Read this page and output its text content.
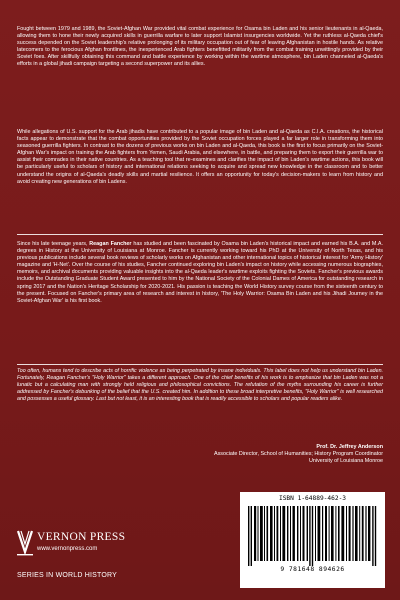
Fought between 1979 and 1989, the Soviet-Afghan War provided vital combat experience for Osama bin Laden and his senior lieutenants in al-Qaeda, allowing them to hone their newly acquired skills in guerrilla warfare to later support Islamist insurgencies worldwide. Yet the ruthless al-Qaeda chief's success depended on the Soviet leadership's relative prolonging of its military occupation out of fear of leaving Afghanistan in hostile hands. As relative latecomers to the ferocious Afghan frontlines, the inexperienced Arab fighters benefitted militarily from the combat training unwittingly provided by their Soviet foes. After skillfully obtaining this command and battle experience by working within the wartime atmosphere, bin Laden channeled al-Qaeda's efforts in a global jihadi campaign targeting a second superpower and its allies.

While allegations of U.S. support for the Arab jihadis have contributed to a popular image of bin Laden and al-Qaeda as C.I.A. creations, the historical facts appear to demonstrate that the combat opportunities provided by the Soviet occupation forces played a far larger role in transforming them into seasoned guerrilla fighters. In contrast to the dozens of previous works on bin Laden and al-Qaeda, this book is the first to focus primarily on the Soviet-Afghan War's impact on training the Arab fighters from Yemen, Saudi Arabia, and elsewhere, in battle, and preparing them to export their guerrilla war to assist their comrades in their native countries. As a teaching tool that re-examines and clarifies the impact of bin Laden's wartime actions, this book will be particularly useful to scholars of history and international relations seeking to acquire and spread new knowledge in the classroom and to better understand the origins of al-Qaeda's deadly skills and martial resilience. It offers an opportunity for today's decision-makers to learn from history and avoid creating new generations of bin Ladens.

Since his late teenage years, Reagan Fancher has studied and been fascinated by Osama bin Laden's historical impact and earned his B.A. and M.A. degrees in History at the University of Louisiana at Monroe. Fancher is currently working toward his PhD at the University of North Texas, and his previous publications include several book reviews of scholarly works on Afghanistan and other international topics of historical interest for 'Army History' magazine and 'H-Net'. Over the course of his studies, Fancher continued exploring bin Laden's impact on history while accessing numerous biographies, memoirs, and archival documents providing valuable insights into the al-Qaeda leader's wartime exploits fighting the Soviets. Fancher's previous awards include the Outstanding Graduate Student Award presented to him by the National Society of the Colonial Dames of America for outstanding research in spring 2017 and the Nation's Heritage Scholarship for 2020-2021. His passion is teaching the World History survey course from the sixteenth century to the present. Focused on Fancher's primary area of research and interest in history, 'The Holy Warrior: Osama Bin Laden and his Jihadi Journey in the Soviet-Afghan War' is his first book.

Too often, humans tend to describe acts of horrific violence as being perpetrated by insane individuals. This label does not help us understand bin Laden. Fortunately, Reagan Fancher's "Holy Warrior" takes a different approach. One of the chief benefits of his work is to emphasize that bin Laden was not a lunatic but a calculating man with strongly held religious and philosophical convictions. The refutation of the myths surrounding his career is further addressed by Fancher's debunking of the belief that the U.S. created him. In addition to these broad interpretive benefits, "Holy Warrior" is well researched and possesses a useful glossary. Last but not least, it is an interesting book that is readily accessible to scholars and popular readers alike.

Prof. Dr. Jeffrey Anderson
Associate Director, School of Humanities; History Program Coordinator
University of Louisiana Monroe
ISBN 1-64889-462-3
9 781648 894626
VERNON PRESS
www.vernonpress.com
SERIES IN WORLD HISTORY
